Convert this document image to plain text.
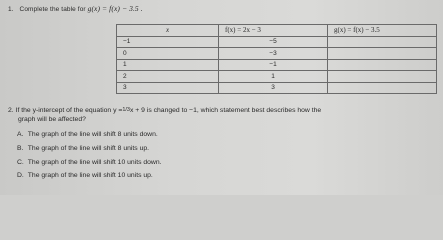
1. Complete the table for g(x) = f(x) − 3.5 .
x	f(x) = 2x − 3	g(x) = f(x) − 3.5
−1	−5	
0	−3	
1	−1	
2	1	
3	3	
2. If the y-intercept of the equation y =1/3x + 9 is changed to −1, which statement best describes how the
graph will be affected?
A. The graph of the line will shift 8 units down.
B. The graph of the line will shift 8 units up.
C. The graph of the line will shift 10 units down.
D. The graph of the line will shift 10 units up.
